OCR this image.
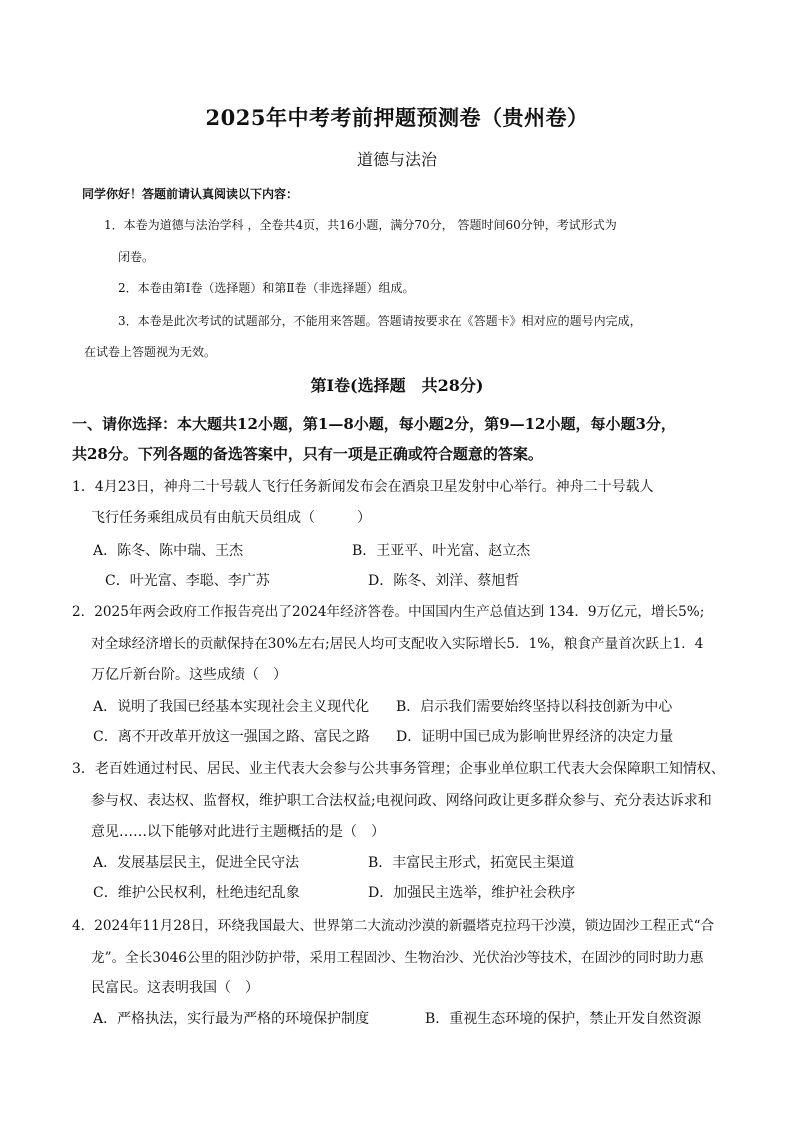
2025年中考考前押题预测卷（贵州卷）
道德与法治
同学你好！答题前请认真阅读以下内容：
1．本卷为道德与法治学科 ，全卷共4页，共16小题，满分70分， 答题时间60分钟，考试形式为
闭卷。
2．本卷由第Ⅰ卷（选择题）和第Ⅱ卷（非选择题）组成。
3．本卷是此次考试的试题部分，不能用来答题。答题请按要求在《答题卡》相对应的题号内完成，
在试卷上答题视为无效。
第Ⅰ卷(选择题　共28分)
一、请你选择：本大题共12小题，第1—8小题，每小题2分，第9—12小题，每小题3分，
共28分。下列各题的备选答案中，只有一项是正确或符合题意的答案。
1．4月23日，神舟二十号载人飞行任务新闻发布会在酒泉卫星发射中心举行。神舟二十号载人
飞行任务乘组成员有由航天员组成（　　　）
A．陈冬、陈中瑞、王杰	B．王亚平、叶光富、赵立杰
C．叶光富、李聪、李广苏	D．陈冬、刘洋、蔡旭哲
2．2025年两会政府工作报告亮出了2024年经济答卷。中国国内生产总值达到 134．9万亿元，增长5%;
对全球经济增长的贡献保持在30%左右;居民人均可支配收入实际增长5．1%，粮食产量首次跃上1．4
万亿斤新台阶。这些成绩（　）
A．说明了我国已经基本实现社会主义现代化 B．启示我们需要始终坚持以科技创新为中心
C．离不开改革开放这一强国之路、富民之路 D．证明中国已成为影响世界经济的决定力量
3．老百姓通过村民、居民、业主代表大会参与公共事务管理；企事业单位职工代表大会保障职工知情权、
参与权、表达权、监督权，维护职工合法权益;电视问政、网络问政让更多群众参与、充分表达诉求和
意见……以下能够对此进行主题概括的是（　）
A．发展基层民主，促进全民守法	B．丰富民主形式，拓宽民主渠道
C．维护公民权利，杜绝违纪乱象	D．加强民主选举，维护社会秩序
4．2024年11月28日，环绕我国最大、世界第二大流动沙漠的新疆塔克拉玛干沙漠，锁边固沙工程正式“合
龙”。全长3046公里的阻沙防护带，采用工程固沙、生物治沙、光伏治沙等技术，在固沙的同时助力惠
民富民。这表明我国（　）
A．严格执法，实行最为严格的环境保护制度	B．重视生态环境的保护，禁止开发自然资源
